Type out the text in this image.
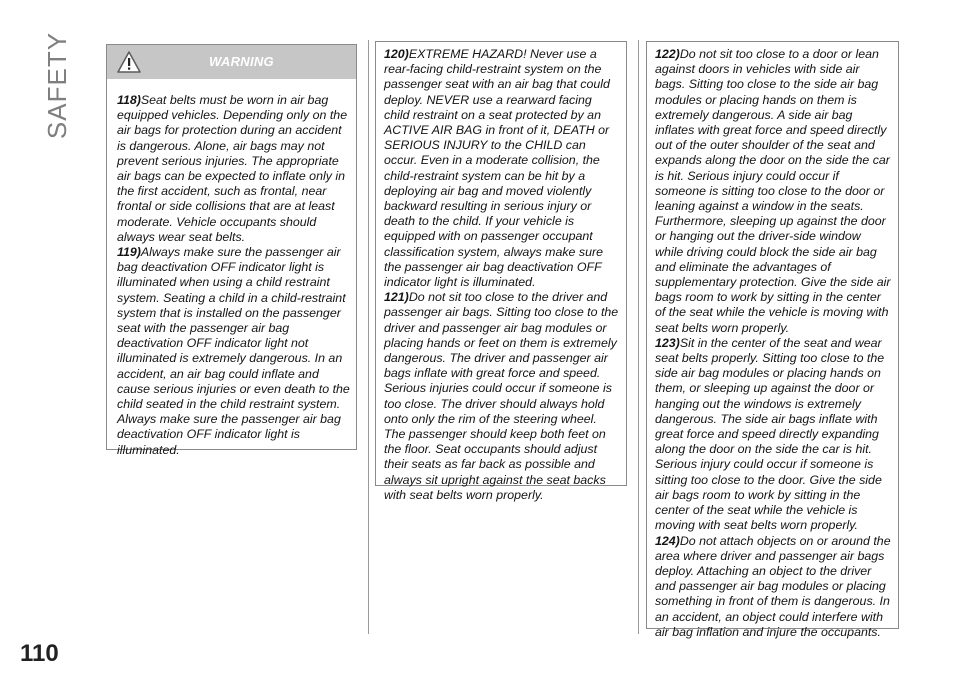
SAFETY
110
WARNING

118)Seat belts must be worn in air bag equipped vehicles. Depending only on the air bags for protection during an accident is dangerous. Alone, air bags may not prevent serious injuries. The appropriate air bags can be expected to inflate only in the first accident, such as frontal, near frontal or side collisions that are at least moderate. Vehicle occupants should always wear seat belts.

119)Always make sure the passenger air bag deactivation OFF indicator light is illuminated when using a child restraint system. Seating a child in a child-restraint system that is installed on the passenger seat with the passenger air bag deactivation OFF indicator light not illuminated is extremely dangerous. In an accident, an air bag could inflate and cause serious injuries or even death to the child seated in the child restraint system. Always make sure the passenger air bag deactivation OFF indicator light is illuminated.

120)EXTREME HAZARD! Never use a rear-facing child-restraint system on the passenger seat with an air bag that could deploy. NEVER use a rearward facing child restraint on a seat protected by an ACTIVE AIR BAG in front of it, DEATH or SERIOUS INJURY to the CHILD can occur. Even in a moderate collision, the child-restraint system can be hit by a deploying air bag and moved violently backward resulting in serious injury or death to the child. If your vehicle is equipped with on passenger occupant classification system, always make sure the passenger air bag deactivation OFF indicator light is illuminated.

121)Do not sit too close to the driver and passenger air bags. Sitting too close to the driver and passenger air bag modules or placing hands or feet on them is extremely dangerous. The driver and passenger air bags inflate with great force and speed. Serious injuries could occur if someone is too close. The driver should always hold onto only the rim of the steering wheel. The passenger should keep both feet on the floor. Seat occupants should adjust their seats as far back as possible and always sit upright against the seat backs with seat belts worn properly.

122)Do not sit too close to a door or lean against doors in vehicles with side air bags. Sitting too close to the side air bag modules or placing hands on them is extremely dangerous. A side air bag inflates with great force and speed directly out of the outer shoulder of the seat and expands along the door on the side the car is hit. Serious injury could occur if someone is sitting too close to the door or leaning against a window in the seats. Furthermore, sleeping up against the door or hanging out the driver-side window while driving could block the side air bag and eliminate the advantages of supplementary protection. Give the side air bags room to work by sitting in the center of the seat while the vehicle is moving with seat belts worn properly.

123)Sit in the center of the seat and wear seat belts properly. Sitting too close to the side air bag modules or placing hands on them, or sleeping up against the door or hanging out the windows is extremely dangerous. The side air bags inflate with great force and speed directly expanding along the door on the side the car is hit. Serious injury could occur if someone is sitting too close to the door. Give the side air bags room to work by sitting in the center of the seat while the vehicle is moving with seat belts worn properly.

124)Do not attach objects on or around the area where driver and passenger air bags deploy. Attaching an object to the driver and passenger air bag modules or placing something in front of them is dangerous. In an accident, an object could interfere with air bag inflation and injure the occupants.
